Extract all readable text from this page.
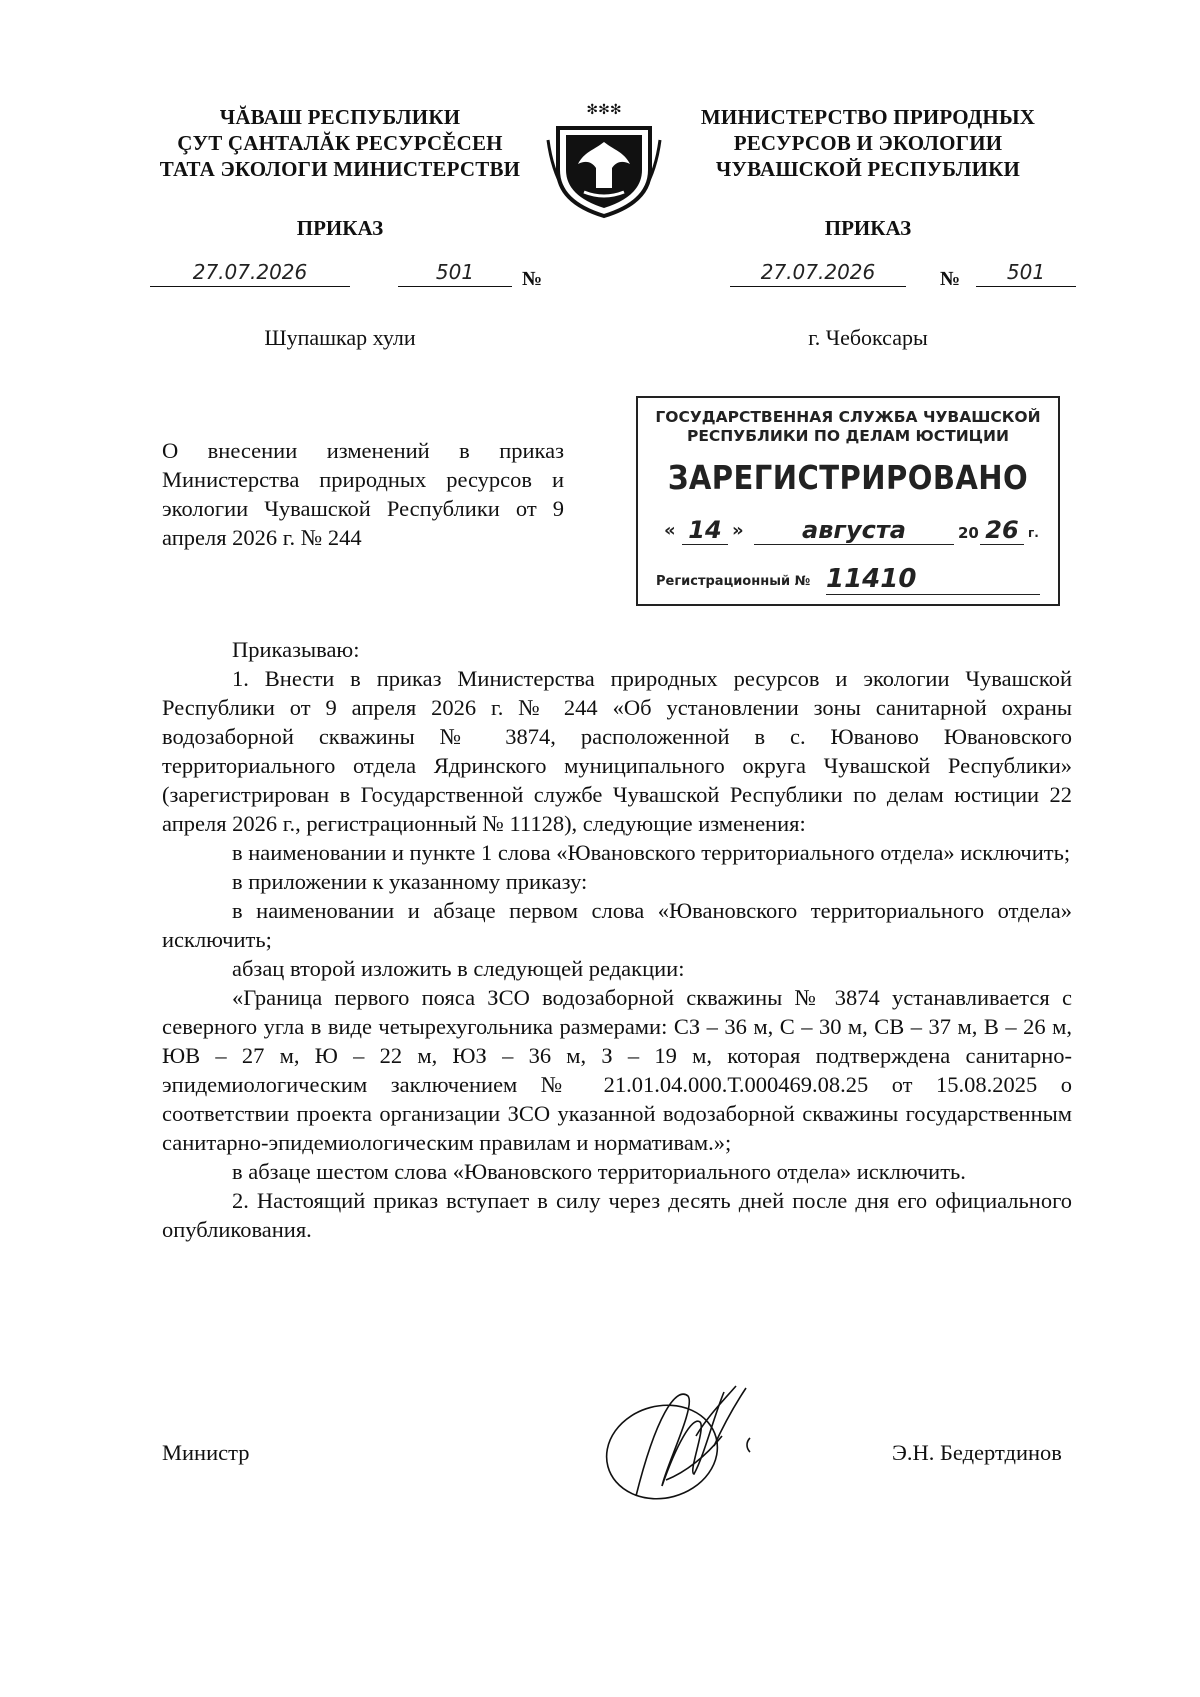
ЧĂВАШ РЕСПУБЛИКИ
ÇУТ ÇАНТАЛĂК РЕСУРСĚСЕН
ТАТА ЭКОЛОГИ МИНИСТЕРСТВИ
✻✻✻	МИНИСТЕРСТВО ПРИРОДНЫХ
РЕСУРСОВ И ЭКОЛОГИИ
ЧУВАШСКОЙ РЕСПУБЛИКИ
ПРИКАЗ	ПРИКАЗ
27.07.2026	501	№	27.07.2026	№	501
Шупашкар хули	г. Чебоксары
О внесении изменений в приказ Министерства природных ресурсов и экологии Чувашской Республики от 9 апреля 2026 г. № 244
ГОСУДАРСТВЕННАЯ СЛУЖБА ЧУВАШСКОЙ
РЕСПУБЛИКИ ПО ДЕЛАМ ЮСТИЦИИ
ЗАРЕГИСТРИРОВАНО
« 14 »	августа	20 26 г.
Регистрационный № 11410

Приказываю:

1. Внести в приказ Министерства природных ресурсов и экологии Чувашской Республики от 9 апреля 2026 г. № 244 «Об установлении зоны санитарной охраны водозаборной скважины № 3874, расположенной в с. Юваново Ювановского территориального отдела Ядринского муниципального округа Чувашской Республики» (зарегистрирован в Государственной службе Чувашской Республики по делам юстиции 22 апреля 2026 г., регистрационный № 11128), следующие изменения:

в наименовании и пункте 1 слова «Ювановского территориального отдела» исключить;

в приложении к указанному приказу:

в наименовании и абзаце первом слова «Ювановского территориального отдела» исключить;

абзац второй изложить в следующей редакции:

«Граница первого пояса ЗСО водозаборной скважины № 3874 устанавливается с северного угла в виде четырехугольника размерами: СЗ – 36 м, С – 30 м, СВ – 37 м, В – 26 м, ЮВ – 27 м, Ю – 22 м, ЮЗ – 36 м, З – 19 м, которая подтверждена санитарно-эпидемиологическим заключением № 21.01.04.000.Т.000469.08.25 от 15.08.2025 о соответствии проекта организации ЗСО указанной водозаборной скважины государственным санитарно-эпидемиологическим правилам и нормативам.»;

в абзаце шестом слова «Ювановского территориального отдела» исключить.

2. Настоящий приказ вступает в силу через десять дней после дня его официального опубликования.

Министр	Э.Н. Бедертдинов
